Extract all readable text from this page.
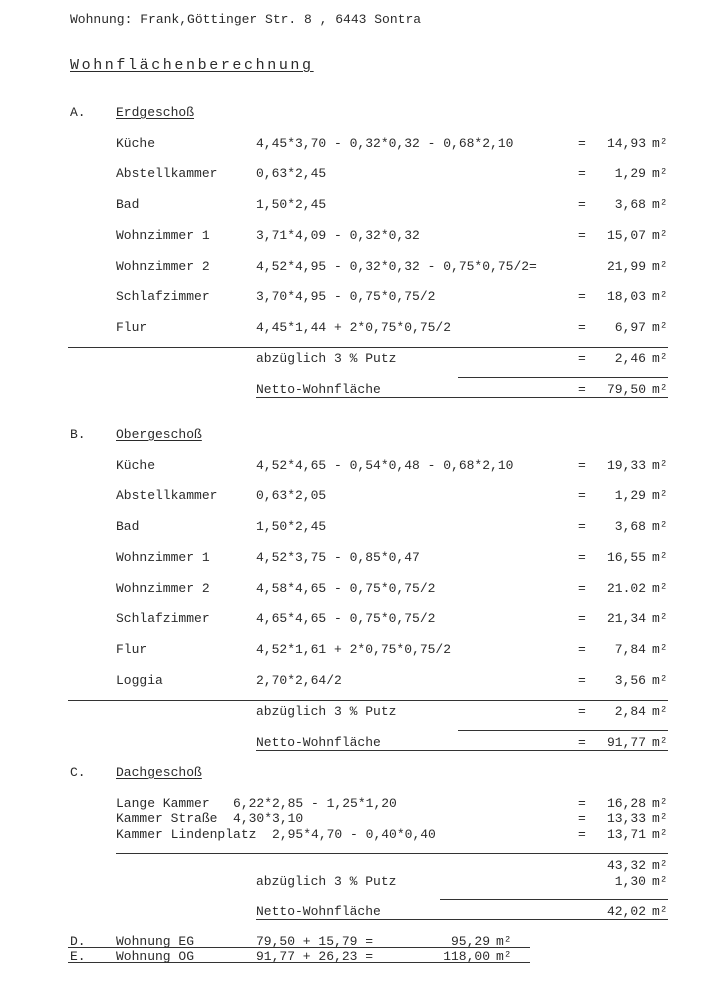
Wohnung: Frank,Göttinger Str. 8 , 6443 Sontra
Wohnflächenberechnung
A. Erdgeschoß
Küche	4,45*3,70 - 0,32*0,32 - 0,68*2,10	=	14,93 m²
Abstellkammer	0,63*2,45	=	1,29 m²
Bad	1,50*2,45	=	3,68 m²
Wohnzimmer 1	3,71*4,09 - 0,32*0,32	=	15,07 m²
Wohnzimmer 2	4,52*4,95 - 0,32*0,32 - 0,75*0,75/2=	21,99 m²
Schlafzimmer	3,70*4,95 - 0,75*0,75/2	=	18,03 m²
Flur	4,45*1,44 + 2*0,75*0,75/2	=	6,97 m²
abzüglich 3 % Putz	=	2,46 m²
Netto-Wohnfläche	=	79,50 m²
B. Obergeschoß
Küche	4,52*4,65 - 0,54*0,48 - 0,68*2,10	=	19,33 m²
Abstellkammer	0,63*2,05	=	1,29 m²
Bad	1,50*2,45	=	3,68 m²
Wohnzimmer 1	4,52*3,75 - 0,85*0,47	=	16,55 m²
Wohnzimmer 2	4,58*4,65 - 0,75*0,75/2	=	21.02 m²
Schlafzimmer	4,65*4,65 - 0,75*0,75/2	=	21,34 m²
Flur	4,52*1,61 + 2*0,75*0,75/2	=	7,84 m²
Loggia	2,70*2,64/2	=	3,56 m²
abzüglich 3 % Putz	=	2,84 m²
Netto-Wohnfläche	=	91,77 m²
C. Dachgeschoß
Lange Kammer   6,22*2,85 - 1,25*1,20	=	16,28 m²
Kammer Straße  4,30*3,10	=	13,33 m²
Kammer Lindenplatz  2,95*4,70 - 0,40*0,40	=	13,71 m²
43,32 m²
abzüglich 3 % Putz	1,30 m²
Netto-Wohnfläche	42,02 m²
D. Wohnung EG	79,50 + 15,79 =	95,29 m²
E. Wohnung OG	91,77 + 26,23 =	118,00 m²
